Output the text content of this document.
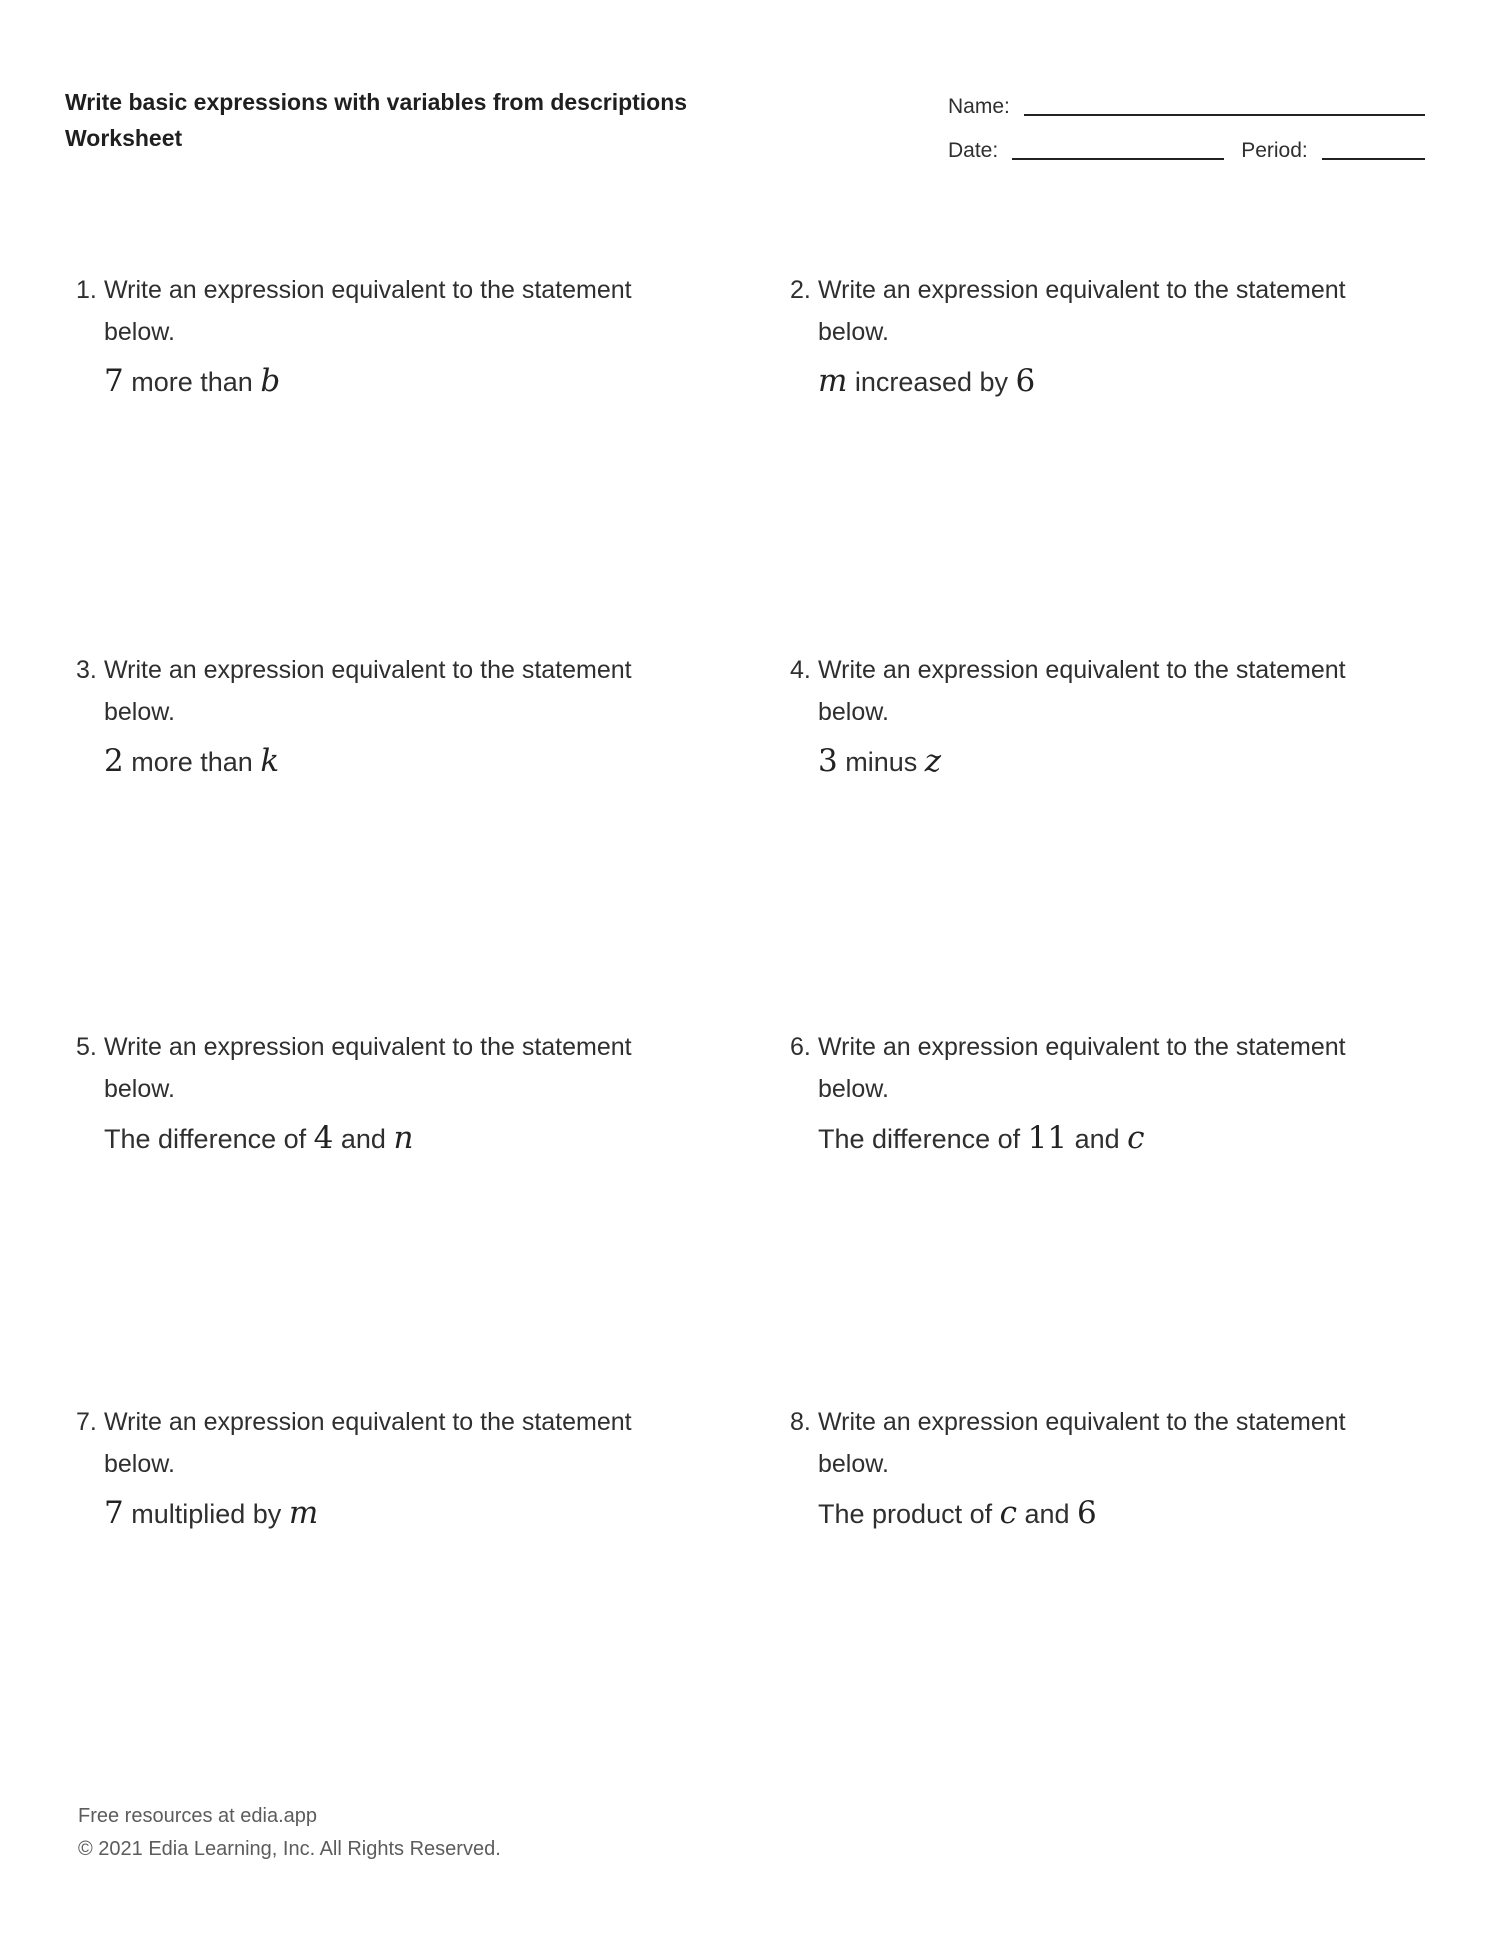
Write basic expressions with variables from descriptions
Worksheet
Name:
Date:	Period:
1. Write an expression equivalent to the statement
below.
7 more than b
2. Write an expression equivalent to the statement
below.
m increased by 6
3. Write an expression equivalent to the statement
below.
2 more than k
4. Write an expression equivalent to the statement
below.
3 minus z
5. Write an expression equivalent to the statement
below.
The difference of 4 and n
6. Write an expression equivalent to the statement
below.
The difference of 11 and c
7. Write an expression equivalent to the statement
below.
7 multiplied by m
8. Write an expression equivalent to the statement
below.
The product of c and 6
Free resources at edia.app
© 2021 Edia Learning, Inc. All Rights Reserved.
